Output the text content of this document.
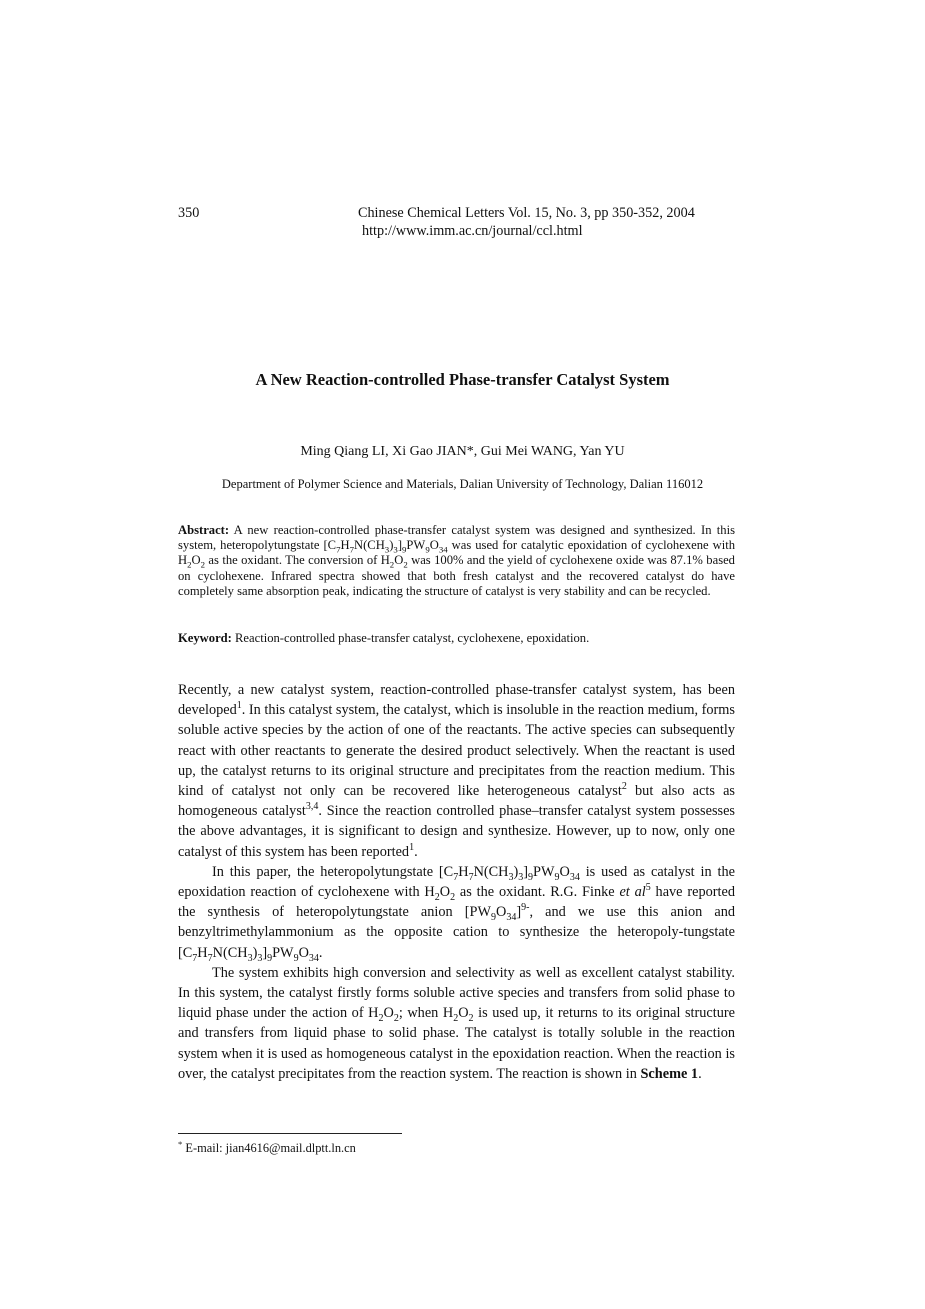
350	Chinese Chemical Letters Vol. 15, No. 3, pp 350-352, 2004
http://www.imm.ac.cn/journal/ccl.html
A New Reaction-controlled Phase-transfer Catalyst System
Ming Qiang LI, Xi Gao JIAN*, Gui Mei WANG, Yan YU
Department of Polymer Science and Materials, Dalian University of Technology, Dalian 116012
Abstract: A new reaction-controlled phase-transfer catalyst system was designed and synthesized. In this system, heteropolytungstate $[C_7H_7N(CH_3)_3]_9PW_9O_{34}$ was used for catalytic epoxidation of cyclohexene with $H_2O_2$ as the oxidant. The conversion of $H_2O_2$ was 100% and the yield of cyclohexene oxide was 87.1% based on cyclohexene. Infrared spectra showed that both fresh catalyst and the recovered catalyst do have completely same absorption peak, indicating the structure of catalyst is very stability and can be recycled.
Keyword: Reaction-controlled phase-transfer catalyst, cyclohexene, epoxidation.

Recently, a new catalyst system, reaction-controlled phase-transfer catalyst system, has been developed$^1$. In this catalyst system, the catalyst, which is insoluble in the reaction medium, forms soluble active species by the action of one of the reactants. The active species can subsequently react with other reactants to generate the desired product selectively. When the reactant is used up, the catalyst returns to its original structure and precipitates from the reaction medium. This kind of catalyst not only can be recovered like heterogeneous catalyst$^2$ but also acts as homogeneous catalyst$^{3,4}$. Since the reaction controlled phase–transfer catalyst system possesses the above advantages, it is significant to design and synthesize. However, up to now, only one catalyst of this system has been reported$^1$.

In this paper, the heteropolytungstate $[C_7H_7N(CH_3)_3]_9PW_9O_{34}$ is used as catalyst in the epoxidation reaction of cyclohexene with $H_2O_2$ as the oxidant. R.G. Finke et $al^5$ have reported the synthesis of heteropolytungstate anion $[PW_9O_{34}]^{9-}$, and we use this anion and benzyltrimethylammonium as the opposite cation to synthesize the heteropoly-tungstate $[C_7H_7N(CH_3)_3]_9PW_9O_{34}$.

The system exhibits high conversion and selectivity as well as excellent catalyst stability. In this system, the catalyst firstly forms soluble active species and transfers from solid phase to liquid phase under the action of $H_2O_2$; when $H_2O_2$ is used up, it returns to its original structure and transfers from liquid phase to solid phase. The catalyst is totally soluble in the reaction system when it is used as homogeneous catalyst in the epoxidation reaction. When the reaction is over, the catalyst precipitates from the reaction system. The reaction is shown in Scheme 1.

* E-mail: jian4616@mail.dlptt.ln.cn
